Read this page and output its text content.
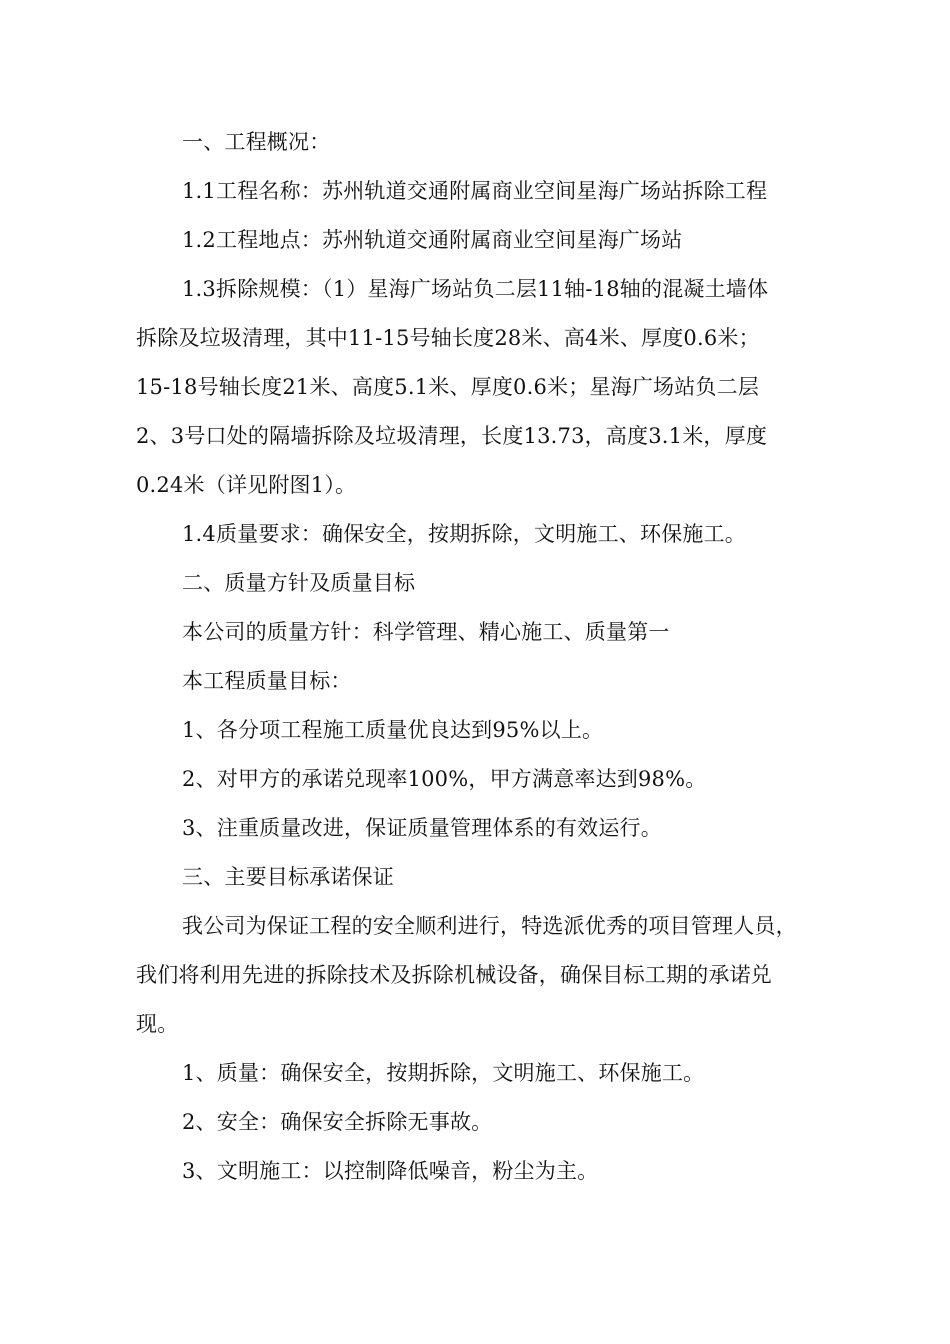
一、工程概况：

1.1工程名称：苏州轨道交通附属商业空间星海广场站拆除工程

1.2工程地点：苏州轨道交通附属商业空间星海广场站

1.3拆除规模：（1）星海广场站负二层11轴-18轴的混凝土墙体

拆除及垃圾清理，其中11-15号轴长度28米、高4米、厚度0.6米；

15-18号轴长度21米、高度5.1米、厚度0.6米；星海广场站负二层

2、3号口处的隔墙拆除及垃圾清理，长度13.73，高度3.1米，厚度

0.24米（详见附图1）。

1.4质量要求：确保安全，按期拆除，文明施工、环保施工。

二、质量方针及质量目标

本公司的质量方针：科学管理、精心施工、质量第一

本工程质量目标：

1、各分项工程施工质量优良达到95%以上。

2、对甲方的承诺兑现率100%，甲方满意率达到98%。

3、注重质量改进，保证质量管理体系的有效运行。

三、主要目标承诺保证

我公司为保证工程的安全顺利进行，特选派优秀的项目管理人员，

我们将利用先进的拆除技术及拆除机械设备，确保目标工期的承诺兑

现。

1、质量：确保安全，按期拆除，文明施工、环保施工。

2、安全：确保安全拆除无事故。

3、文明施工：以控制降低噪音，粉尘为主。
